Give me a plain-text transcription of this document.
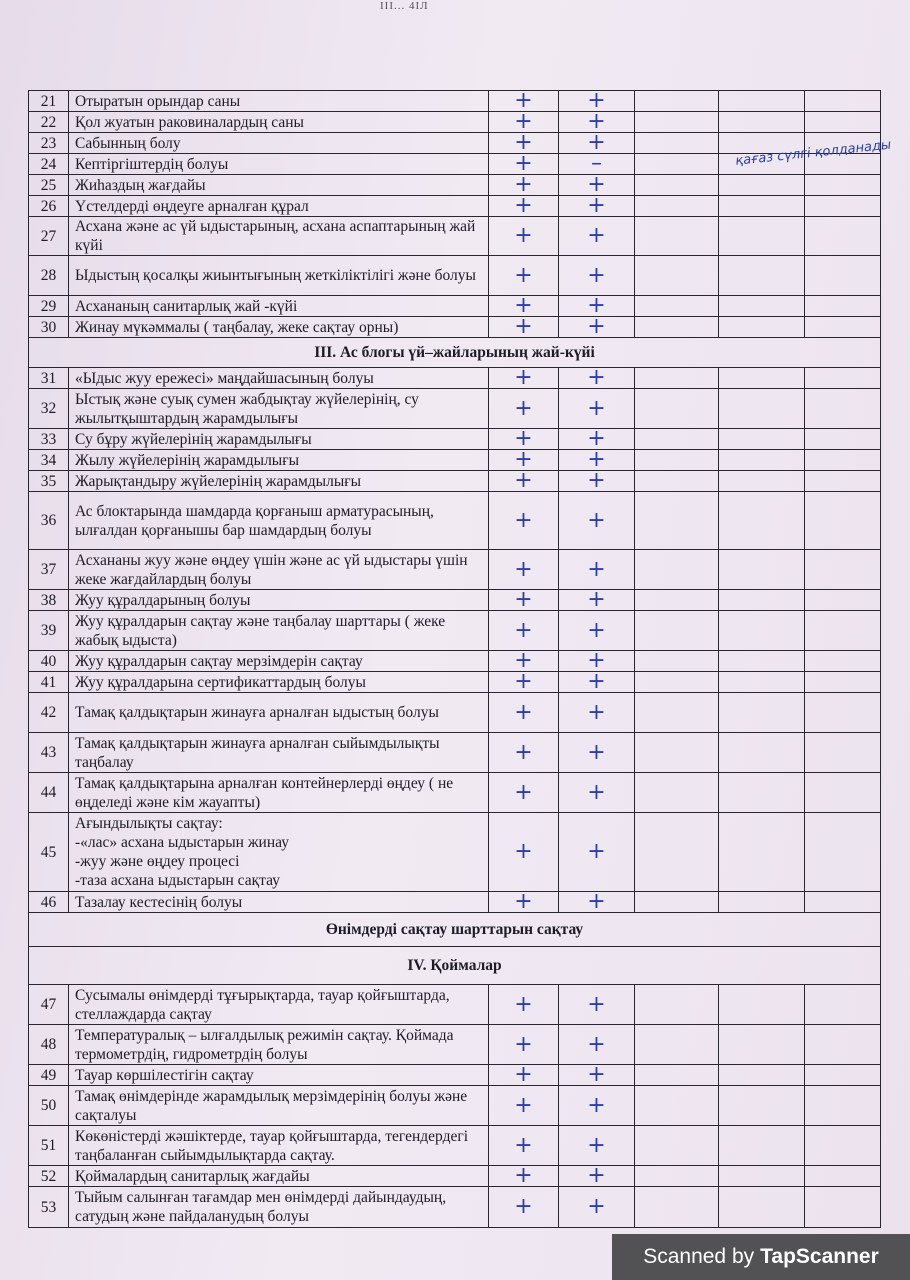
ІІІ... 4ІЛ
21	Отыратын орындар саны	+	+			
22	Қол жуатын раковиналардың саны	+	+			
23	Сабынның болу	+	+			
24	Кептіргіштердің болуы	+	–			
25	Жиһаздың жағдайы	+	+			
26	Үстелдерді өңдеуге арналған құрал	+	+			
27	Асхана және ас үй ыдыстарының, асхана аспаптарының жай күйі	+	+			
28	Ыдыстың қосалқы жиынтығының жеткіліктілігі және болуы	+	+			
29	Асхананың санитарлық жай -күйі	+	+			
30	Жинау мүкәммалы ( таңбалау, жеке сақтау орны)	+	+			
III. Ас блогы үй–жайларының жай-күйі						
31	«Ыдыс жуу ережесі» маңдайшасының болуы	+	+			
32	Ыстық және суық сумен жабдықтау жүйелерінің, су жылытқыштардың жарамдылығы	+	+			
33	Су бұру жүйелерінің жарамдылығы	+	+			
34	Жылу жүйелерінің жарамдылығы	+	+			
35	Жарықтандыру жүйелерінің жарамдылығы	+	+			
36	Ас блоктарында шамдарда қорғаныш арматурасының, ылғалдан қорғанышы бар шамдардың болуы	+	+			
37	Асхананы жуу және өңдеу үшін және ас үй ыдыстары үшін жеке жағдайлардың болуы	+	+			
38	Жуу құралдарының болуы	+	+			
39	Жуу құралдарын сақтау және таңбалау шарттары ( жеке жабық ыдыста)	+	+			
40	Жуу құралдарын сақтау мерзімдерін сақтау	+	+			
41	Жуу құралдарына сертификаттардың болуы	+	+			
42	Тамақ қалдықтарын жинауға арналған ыдыстың болуы	+	+			
43	Тамақ қалдықтарын жинауға арналған сыйымдылықты таңбалау	+	+			
44	Тамақ қалдықтарына арналған контейнерлерді өңдеу ( не өңделеді және кім жауапты)	+	+			
45	Ағындылықты сақтау:
-«лас» асхана ыдыстарын жинау
-жуу және өңдеу процесі
-таза асхана ыдыстарын сақтау	+	+			
46	Тазалау кестесінің болуы	+	+			
Өнімдерді сақтау шарттарын сақтау						
IV. Қоймалар						
47	Сусымалы өнімдерді тұғырықтарда, тауар қойғыштарда, стеллаждарда сақтау	+	+			
48	Температуралық – ылғалдылық режимін сақтау. Қоймада термометрдің, гидрометрдің болуы	+	+			
49	Тауар көршілестігін сақтау	+	+			
50	Тамақ өнімдерінде жарамдылық мерзімдерінің болуы және сақталуы	+	+			
51	Көкөністерді жәшіктерде, тауар қойғыштарда, тегендердегі таңбаланған сыйымдылықтарда сақтау.	+	+			
52	Қоймалардың санитарлық жағдайы	+	+			
53	Тыйым салынған тағамдар мен өнімдерді дайындаудың, сатудың және пайдаланудың болуы	+	+			
қағаз сүлгі қолданады
Scanned by TapScanner
